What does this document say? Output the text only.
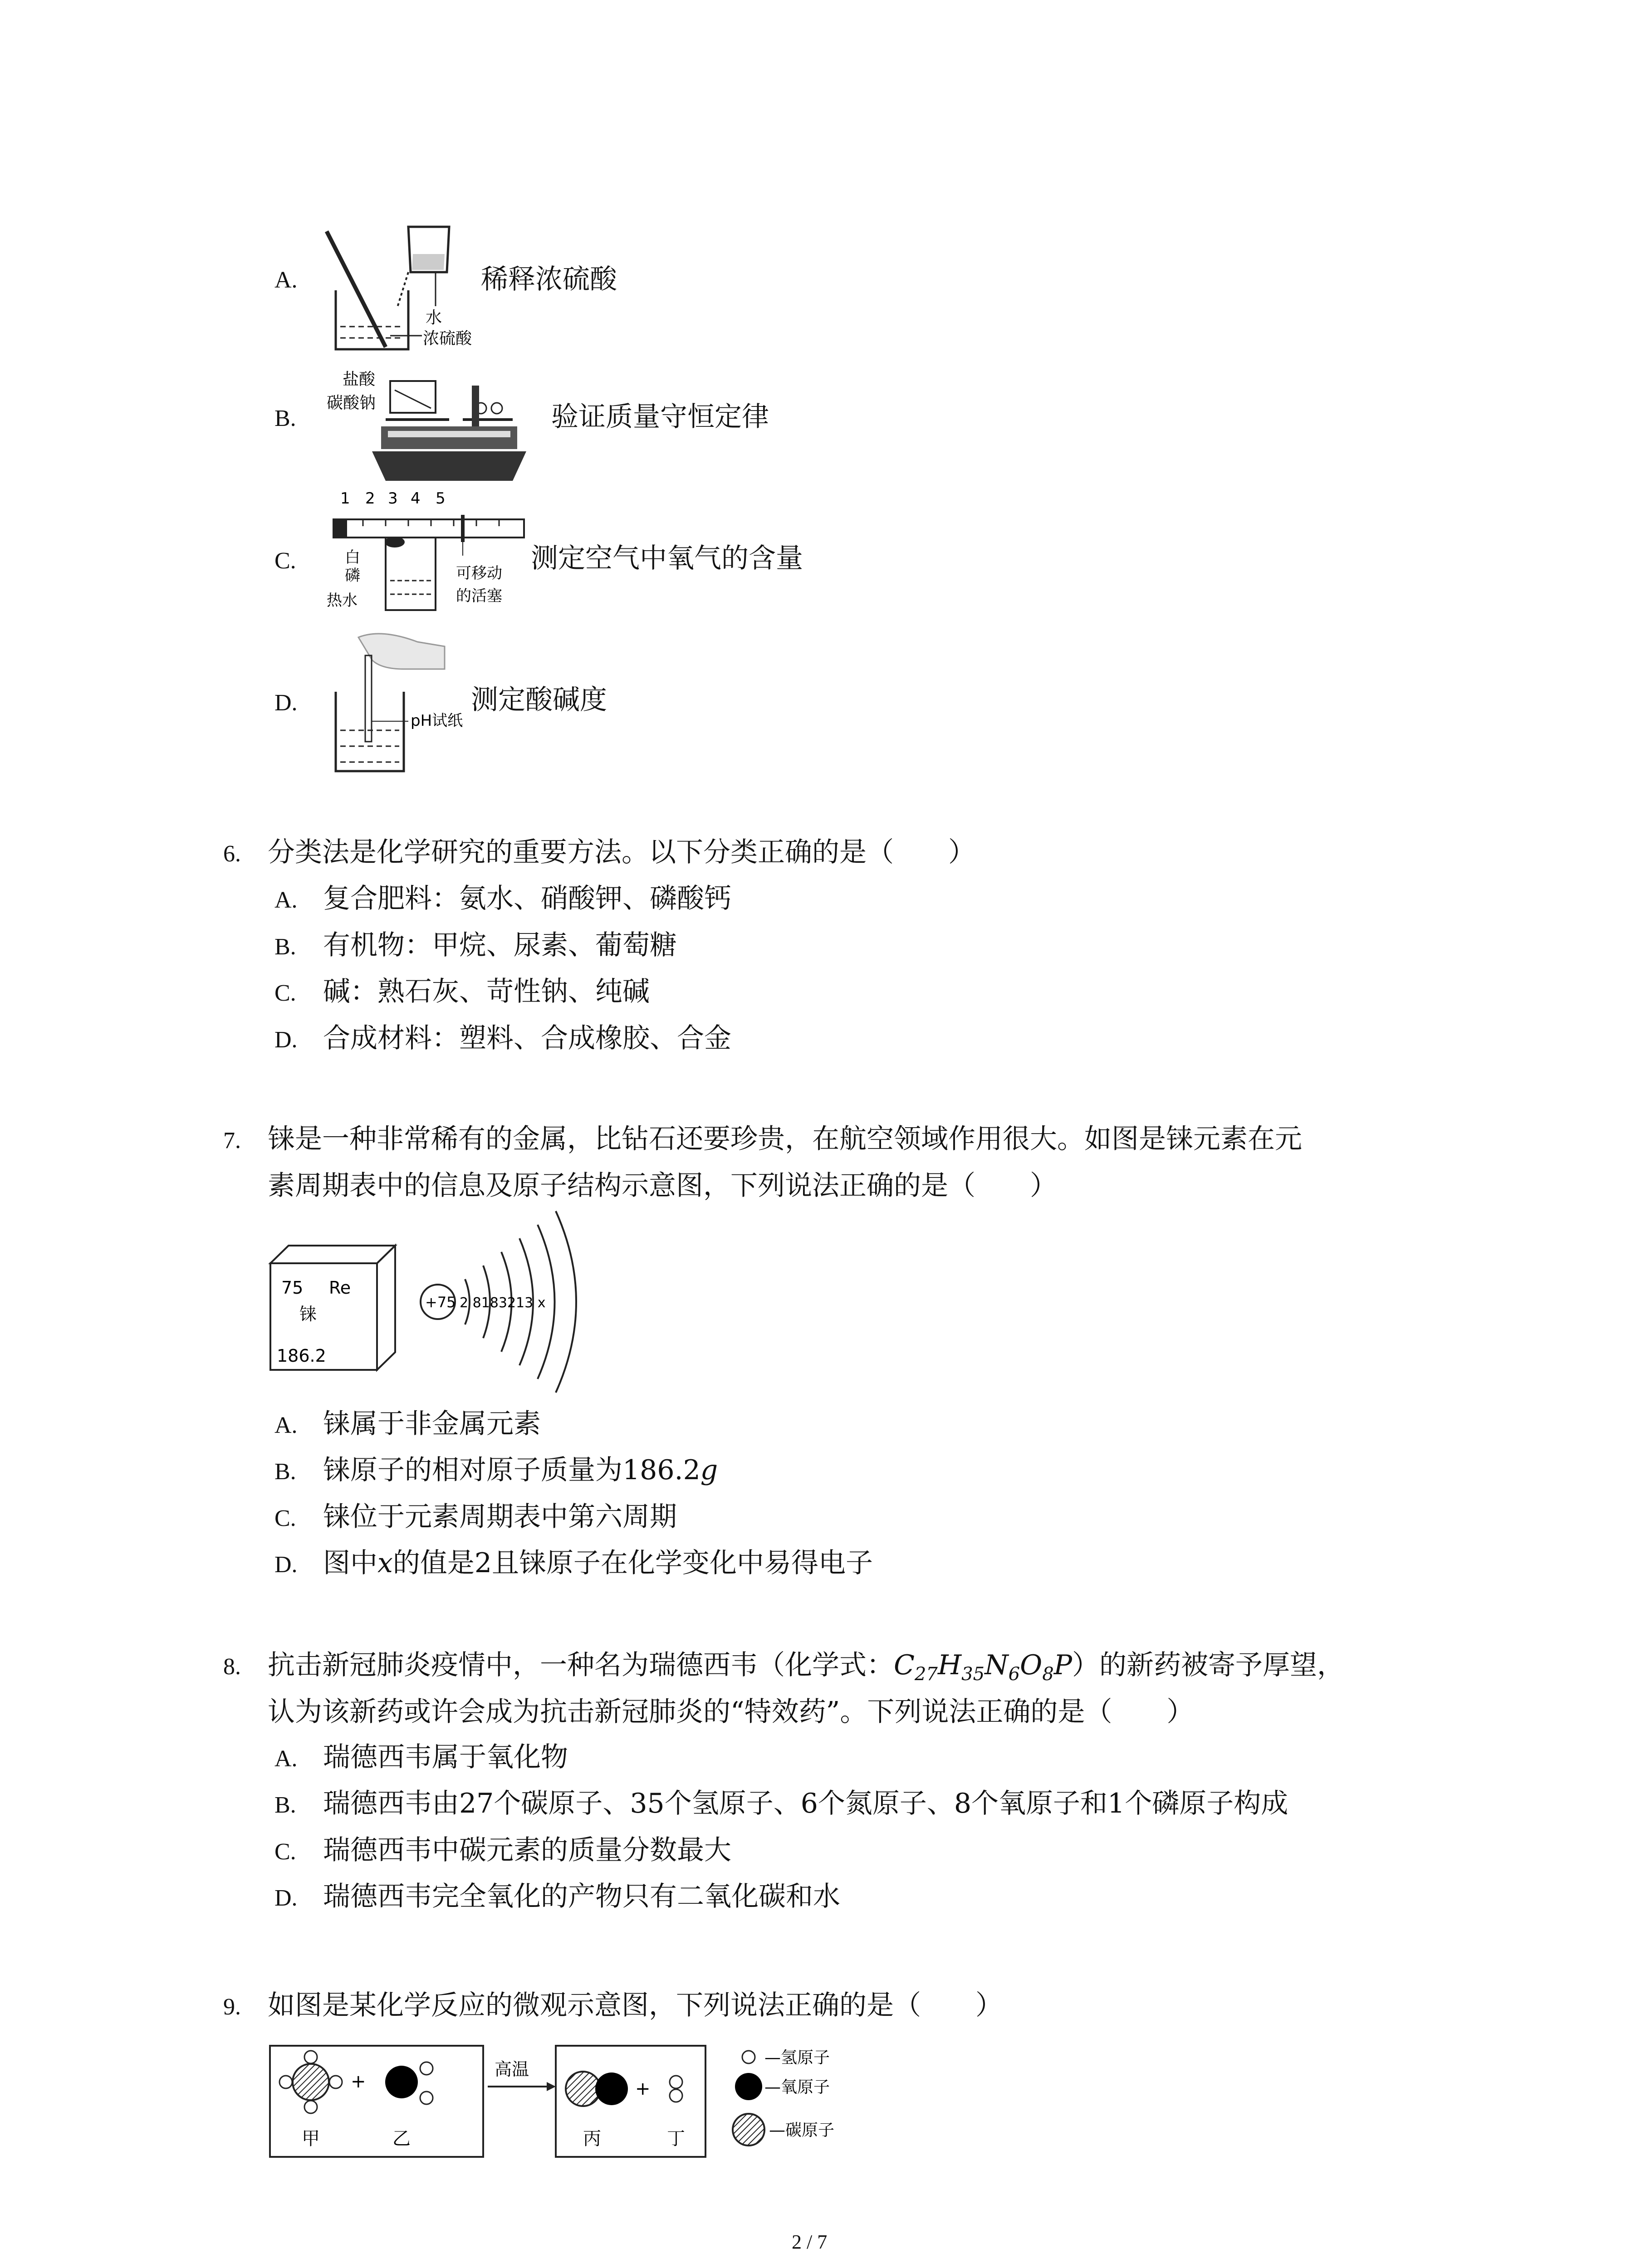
A.
水
浓硫酸
稀释浓硫酸
B.
盐酸
碳酸钠	验证质量守恒定律
C.
1 2 3 4 5
白
磷
热水
可移动
的活塞
测定空气中氧气的含量
D.
pH试纸
测定酸碱度
6. 分类法是化学研究的重要方法。以下分类正确的是（　　）
A. 复合肥料：氨水、硝酸钾、磷酸钙
B. 有机物：甲烷、尿素、葡萄糖
C. 碱：熟石灰、苛性钠、纯碱
D. 合成材料：塑料、合成橡胶、合金
7. 铼是一种非常稀有的金属，比钻石还要珍贵，在航空领域作用很大。如图是铼元素在元
素周期表中的信息及原子结构示意图，下列说法正确的是（　　）
75 Re
铼
186.2
+75 2 8183213 x
A. 铼属于非金属元素
B. 铼原子的相对原子质量为186.2g
C. 铼位于元素周期表中第六周期
D. 图中x的值是2且铼原子在化学变化中易得电子
8. 抗击新冠肺炎疫情中，一种名为瑞德西韦（化学式：$C_{27}H_{35}N_6O_8P$）的新药被寄予厚望，
认为该新药或许会成为抗击新冠肺炎的“特效药”。下列说法正确的是（　　）
A. 瑞德西韦属于氧化物
B. 瑞德西韦由27个碳原子、35个氢原子、6个氮原子、8个氧原子和1个磷原子构成
C. 瑞德西韦中碳元素的质量分数最大
D. 瑞德西韦完全氧化的产物只有二氧化碳和水
9. 如图是某化学反应的微观示意图，下列说法正确的是（　　）
+
甲	乙
高温
+
丙	丁
—氢原子
—氧原子
—碳原子
2 / 7
